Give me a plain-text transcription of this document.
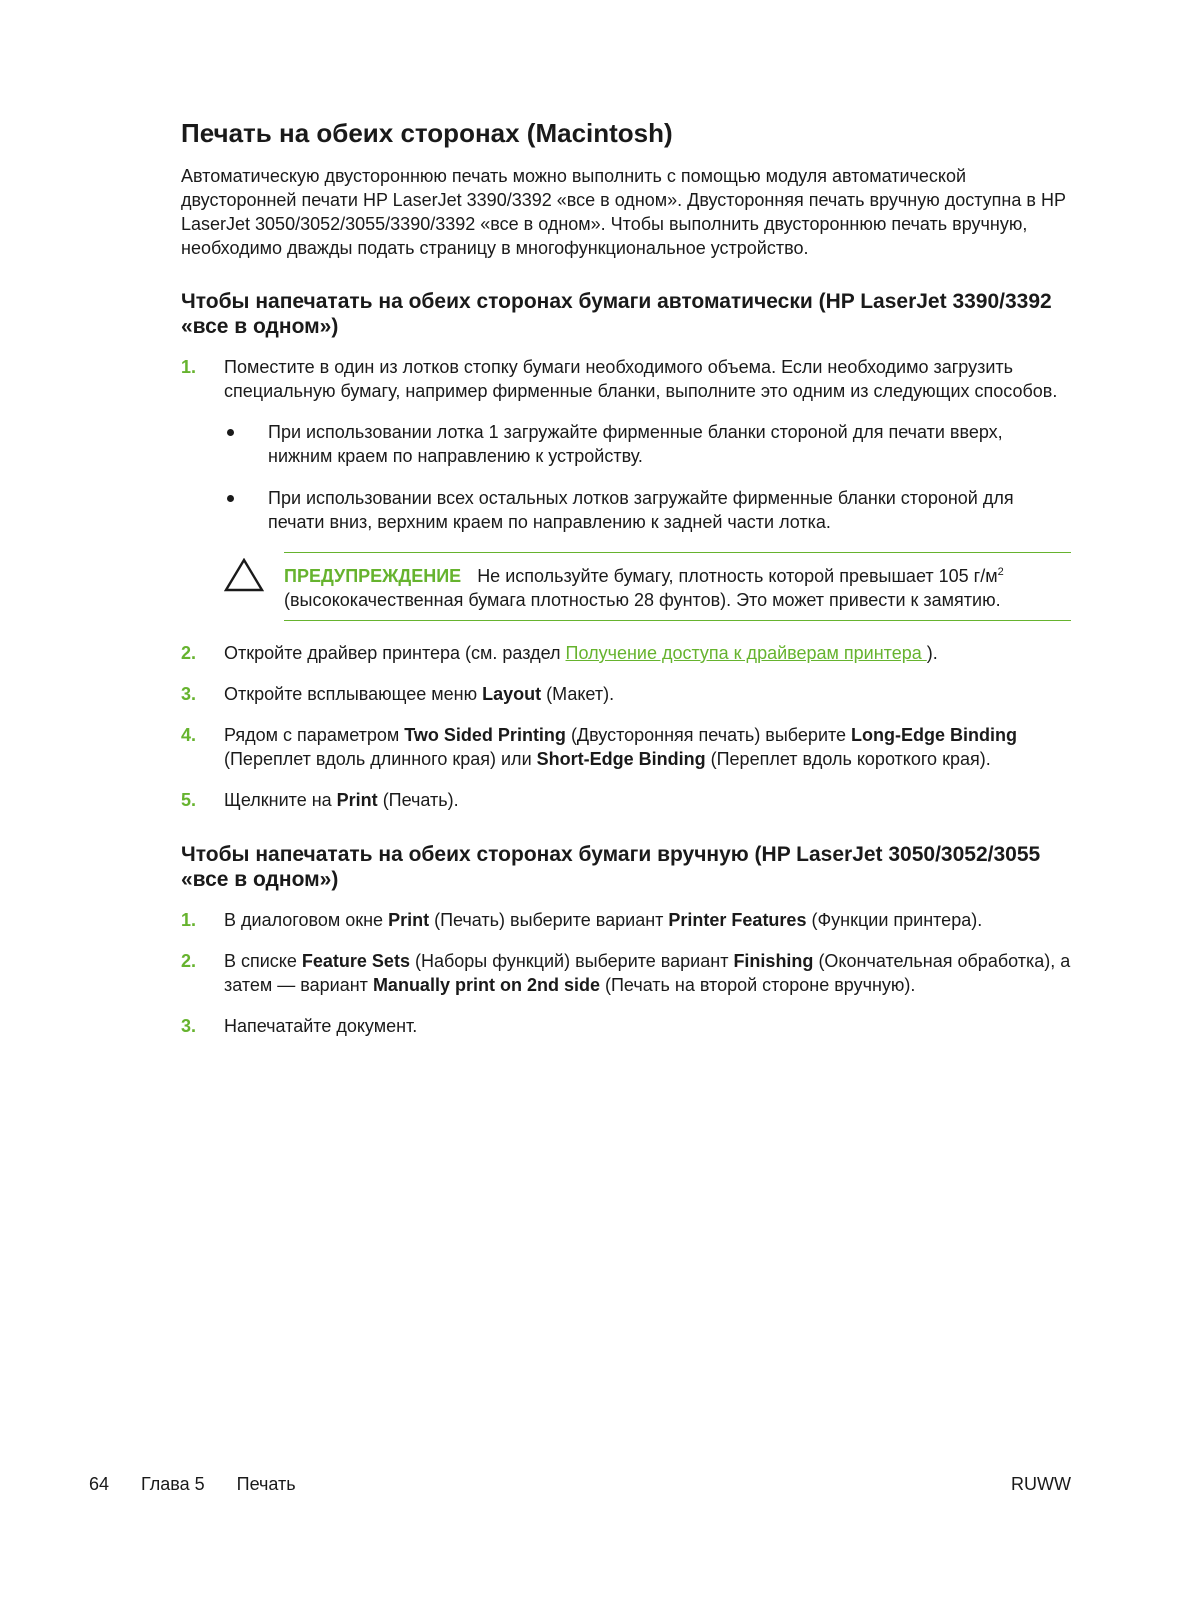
Печать на обеих сторонах (Macintosh)

Автоматическую двустороннюю печать можно выполнить с помощью модуля автоматической двусторонней печати HP LaserJet 3390/3392 «все в одном». Двусторонняя печать вручную доступна в HP LaserJet 3050/3052/3055/3390/3392 «все в одном». Чтобы выполнить двустороннюю печать вручную, необходимо дважды подать страницу в многофункциональное устройство.

Чтобы напечатать на обеих сторонах бумаги автоматически (HP LaserJet 3390/3392 «все в одном»)
1. Поместите в один из лотков стопку бумаги необходимого объема. Если необходимо загрузить специальную бумагу, например фирменные бланки, выполните это одним из следующих способов.
При использовании лотка 1 загружайте фирменные бланки стороной для печати вверх, нижним краем по направлению к устройству.
При использовании всех остальных лотков загружайте фирменные бланки стороной для печати вниз, верхним краем по направлению к задней части лотка.
ПРЕДУПРЕЖДЕНИЕ Не используйте бумагу, плотность которой превышает 105 $г/м^2$ (высококачественная бумага плотностью 28 фунтов). Это может привести к замятию.
2. Откройте драйвер принтера (см. раздел Получение доступа к драйверам принтера ).
3. Откройте всплывающее меню Layout (Макет).
4. Рядом с параметром Two Sided Printing (Двусторонняя печать) выберите Long-Edge Binding (Переплет вдоль длинного края) или Short-Edge Binding (Переплет вдоль короткого края).
5. Щелкните на Print (Печать).
Чтобы напечатать на обеих сторонах бумаги вручную (HP LaserJet 3050/3052/3055 «все в одном»)
1. В диалоговом окне Print (Печать) выберите вариант Printer Features (Функции принтера).
2. В списке Feature Sets (Наборы функций) выберите вариант Finishing (Окончательная обработка), а затем — вариант Manually print on 2nd side (Печать на второй стороне вручную).
3. Напечатайте документ.
64 Глава 5 Печать	RUWW
